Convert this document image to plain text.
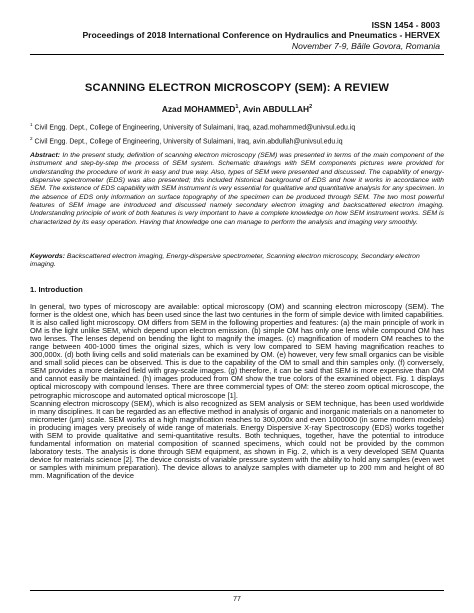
ISSN 1454 - 8003
Proceedings of 2018 International Conference on Hydraulics and Pneumatics - HERVEX
November 7-9, Băile Govora, Romania
SCANNING ELECTRON MICROSCOPY (SEM): A REVIEW
Azad MOHAMMED$^1$, Avin ABDULLAH$^2$
$^1$ Civil Engg. Dept., College of Engineering, University of Sulaimani, Iraq, azad.mohammed@univsul.edu.iq
$^2$ Civil Engg. Dept., College of Engineering, University of Sulaimani, Iraq, avin.abdullah@univsul.edu.iq

Abstract: In the present study, definition of scanning electron microscopy (SEM) was presented in terms of the main component of the instrument and step-by-step the process of SEM system. Schematic drawings with SEM components pictures were provided for understanding the procedure of work in easy and true way. Also, types of SEM were presented and discussed. The capability of energy-dispersive spectrometer (EDS) was also presented; this included historical background of EDS and how it works in accordance with SEM. The existence of EDS capability with SEM instrument is very essential for qualitative and quantitative analysis for any specimen. In the absence of EDS only information on surface topography of the specimen can be produced through SEM. The two most powerful features of SEM image are introduced and discussed namely secondary electron imaging and backscattered electron imaging. Understanding principle of work of both features is very important to have a complete knowledge on how SEM instrument works. SEM is characterized by its easy operation. Having that knowledge one can manage to perform the analysis and imaging very smoothly.

Keywords: Backscattered electron imaging, Energy-dispersive spectrometer, Scanning electron microscopy, Secondary electron imaging.

1. Introduction

In general, two types of microscopy are available: optical microscopy (OM) and scanning electron microscopy (SEM). The former is the oldest one, which has been used since the last two centuries in the form of simple device with limited capabilities. It is also called light microscopy. OM differs from SEM in the following properties and features: (a) the main principle of work in OM is the light unlike SEM, which depend upon electron emission. (b) simple OM has only one lens while compound OM has two lenses. The lenses depend on bending the light to magnify the images. (c) magnification of modern OM reaches to the range between 400-1000 times the original sizes, which is very low compared to SEM having magnification reaches to 300,000x. (d) both living cells and solid materials can be examined by OM. (e) however, very few small organics can be visible and small solid pieces can be observed. This is due to the capability of the OM to small and thin samples only. (f) conversely, SEM provides a more detailed field with gray-scale images. (g) therefore, it can be said that SEM is more expensive than OM and cannot easily be maintained. (h) images produced from OM show the true colors of the examined object. Fig. 1 displays optical microscopy with compound lenses. There are three commercial types of OM: the stereo zoom optical microscope, the petrographic microscope and automated optical microscope [1].

Scanning electron microscopy (SEM), which is also recognized as SEM analysis or SEM technique, has been used worldwide in many disciplines. It can be regarded as an effective method in analysis of organic and inorganic materials on a nanometer to micrometer (μm) scale. SEM works at a high magnification reaches to 300,000x and even 1000000 (in some modern models) in producing images very precisely of wide range of materials. Energy Dispersive X-ray Spectroscopy (EDS) works together with SEM to provide qualitative and semi-quantitative results. Both techniques, together, have the potential to introduce fundamental information on material composition of scanned specimens, which could not be provided by the common laboratory tests. The analysis is done through SEM equipment, as shown in Fig. 2, which is a very developed SEM Quanta device for materials science [2]. The device consists of variable pressure system with the ability to hold any samples (even wet or samples with minimum preparation). The device allows to analyze samples with diameter up to 200 mm and height of 80 mm. Magnification of the device

77
